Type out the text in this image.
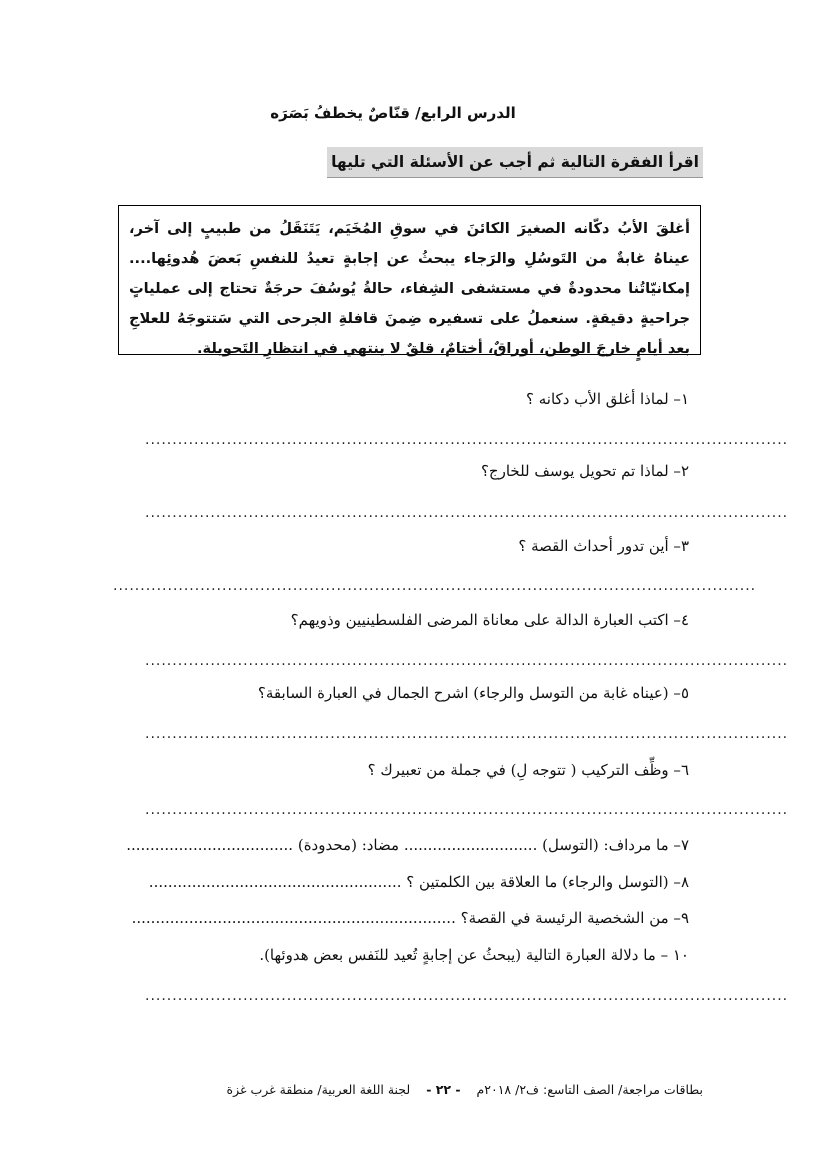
الدرس الرابع/ قنّاصٌ يخطفُ بَصَرَه
اقرأ الفقرة التالية ثم أجب عن الأسئلة التي تليها
أغلقَ الأبُ دكّانه الصغيرَ الكائنَ في سوقِ المُخَيَم، يَتَنَقَلُ من طبيبٍ إلى آخر، عيناهُ غابةٌ من التَوسُلِ والرَجاء يبحثُ عن إجابةٍ تعيدُ للنفسِ بَعضَ هُدوئِها.... إمكانيّاتُنا محدودةٌ في مستشفى الشِفاء، حالةُ يُوسُفَ حرجَةٌ تحتاج إلى عملياتٍ جراحيةٍ دقيقةٍ. سنعملُ على تسفيره ضِمنَ قافلةِ الجرحى التي سَتتوجَهُ للعلاجِ بعد أيامٍ خارجَ الوطن، أوراقٌ، أختامٌ، قلقٌ لا ينتهي في انتظارِ التَحويلة.
١– لماذا أغلق الأب دكانه ؟
......................................................................................................................
٢– لماذا تم تحويل يوسف للخارج؟
......................................................................................................................
٣– أين تدور أحداث القصة ؟
......................................................................................................................
٤– اكتب العبارة الدالة على معاناة المرضى الفلسطينيين وذويهم؟
......................................................................................................................
٥– (عيناه غابة من التوسل والرجاء) اشرح الجمال في العبارة السابقة؟
......................................................................................................................
٦– وظِّف التركيب ( تتوجه لِ) في جملة من تعبيرك ؟
......................................................................................................................
٧– ما مرداف: (التوسل) ............................ مضاد: (محدودة) ...................................
٨– (التوسل والرجاء) ما العلاقة بين الكلمتين ؟ .....................................................
٩– من الشخصية الرئيسة في القصة؟ ....................................................................
١٠ – ما دلالة العبارة التالية (يبحثُ عن إجابةٍ تُعيد للنَفس بعض هدوئها).
......................................................................................................................
بطاقات مراجعة/ الصف التاسع: ف٢/ ٢٠١٨م - ٢٢ - لجنة اللغة العربية/ منطقة غرب غزة
